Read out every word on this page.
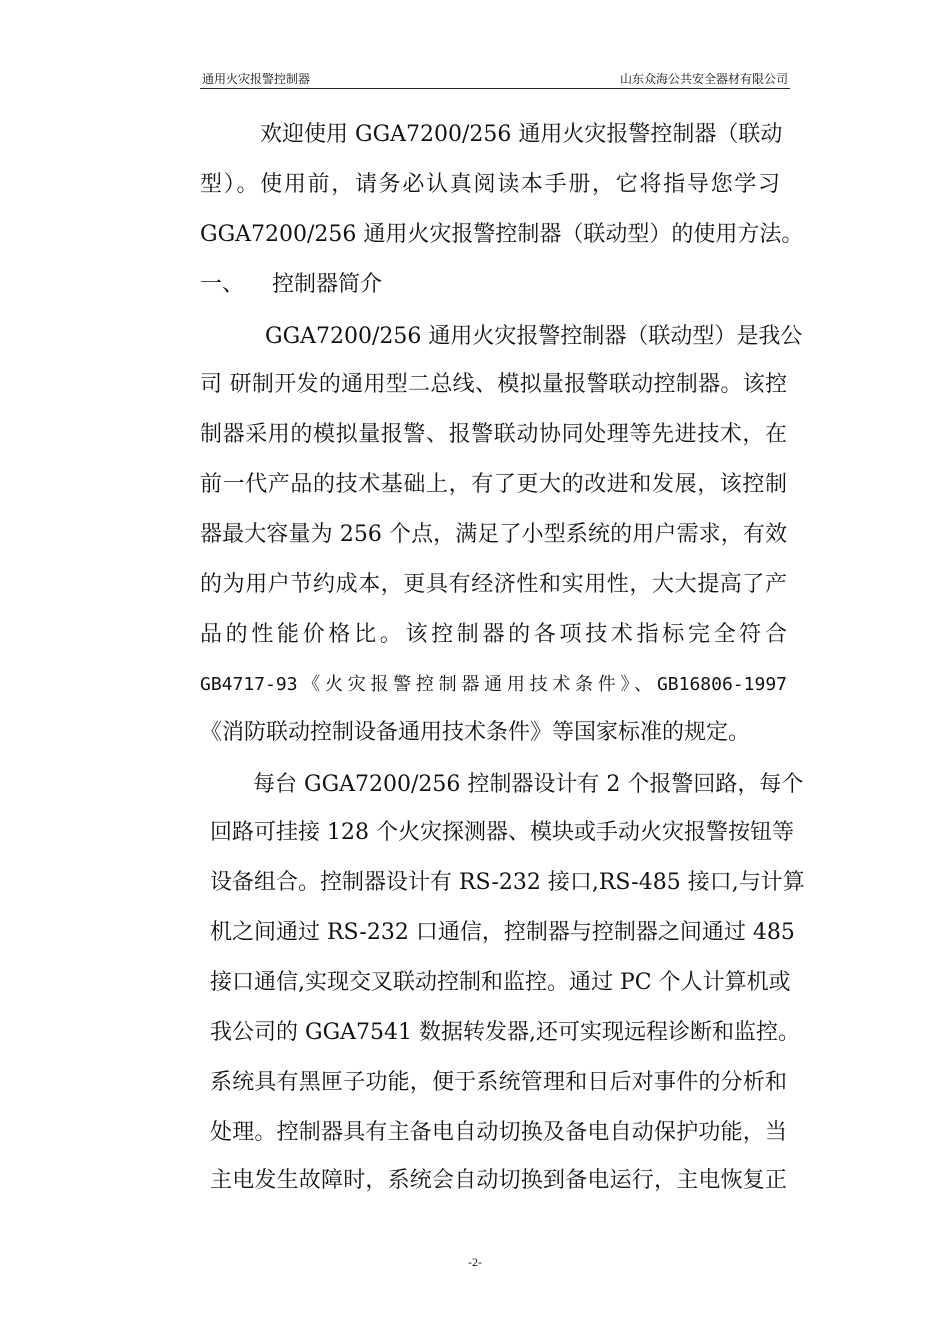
通用火灾报警控制器	山东众海公共安全器材有限公司
欢迎使用 GGA7200/256 通用火灾报警控制器（联动
型）。使用前，请务必认真阅读本手册，它将指导您学习
GGA7200/256 通用火灾报警控制器（联动型）的使用方法。
一、    控制器简介
GGA7200/256 通用火灾报警控制器（联动型）是我公
司 研制开发的通用型二总线、模拟量报警联动控制器。该控
制器采用的模拟量报警、报警联动协同处理等先进技术，在
前一代产品的技术基础上，有了更大的改进和发展，该控制
器最大容量为 256 个点，满足了小型系统的用户需求，有效
的为用户节约成本，更具有经济性和实用性，大大提高了产
品的性能价格比。该控制器的各项技术指标完全符合
GB4717-93《火灾报警控制器通用技术条件》、GB16806-1997
《消防联动控制设备通用技术条件》等国家标准的规定。
每台 GGA7200/256 控制器设计有 2 个报警回路，每个
回路可挂接 128 个火灾探测器、模块或手动火灾报警按钮等
设备组合。控制器设计有 RS-232 接口,RS-485 接口,与计算
机之间通过 RS-232 口通信，控制器与控制器之间通过 485
接口通信,实现交叉联动控制和监控。通过 PC 个人计算机或
我公司的 GGA7541 数据转发器,还可实现远程诊断和监控。
系统具有黑匣子功能，便于系统管理和日后对事件的分析和
处理。控制器具有主备电自动切换及备电自动保护功能，当
主电发生故障时，系统会自动切换到备电运行，主电恢复正
-2-
